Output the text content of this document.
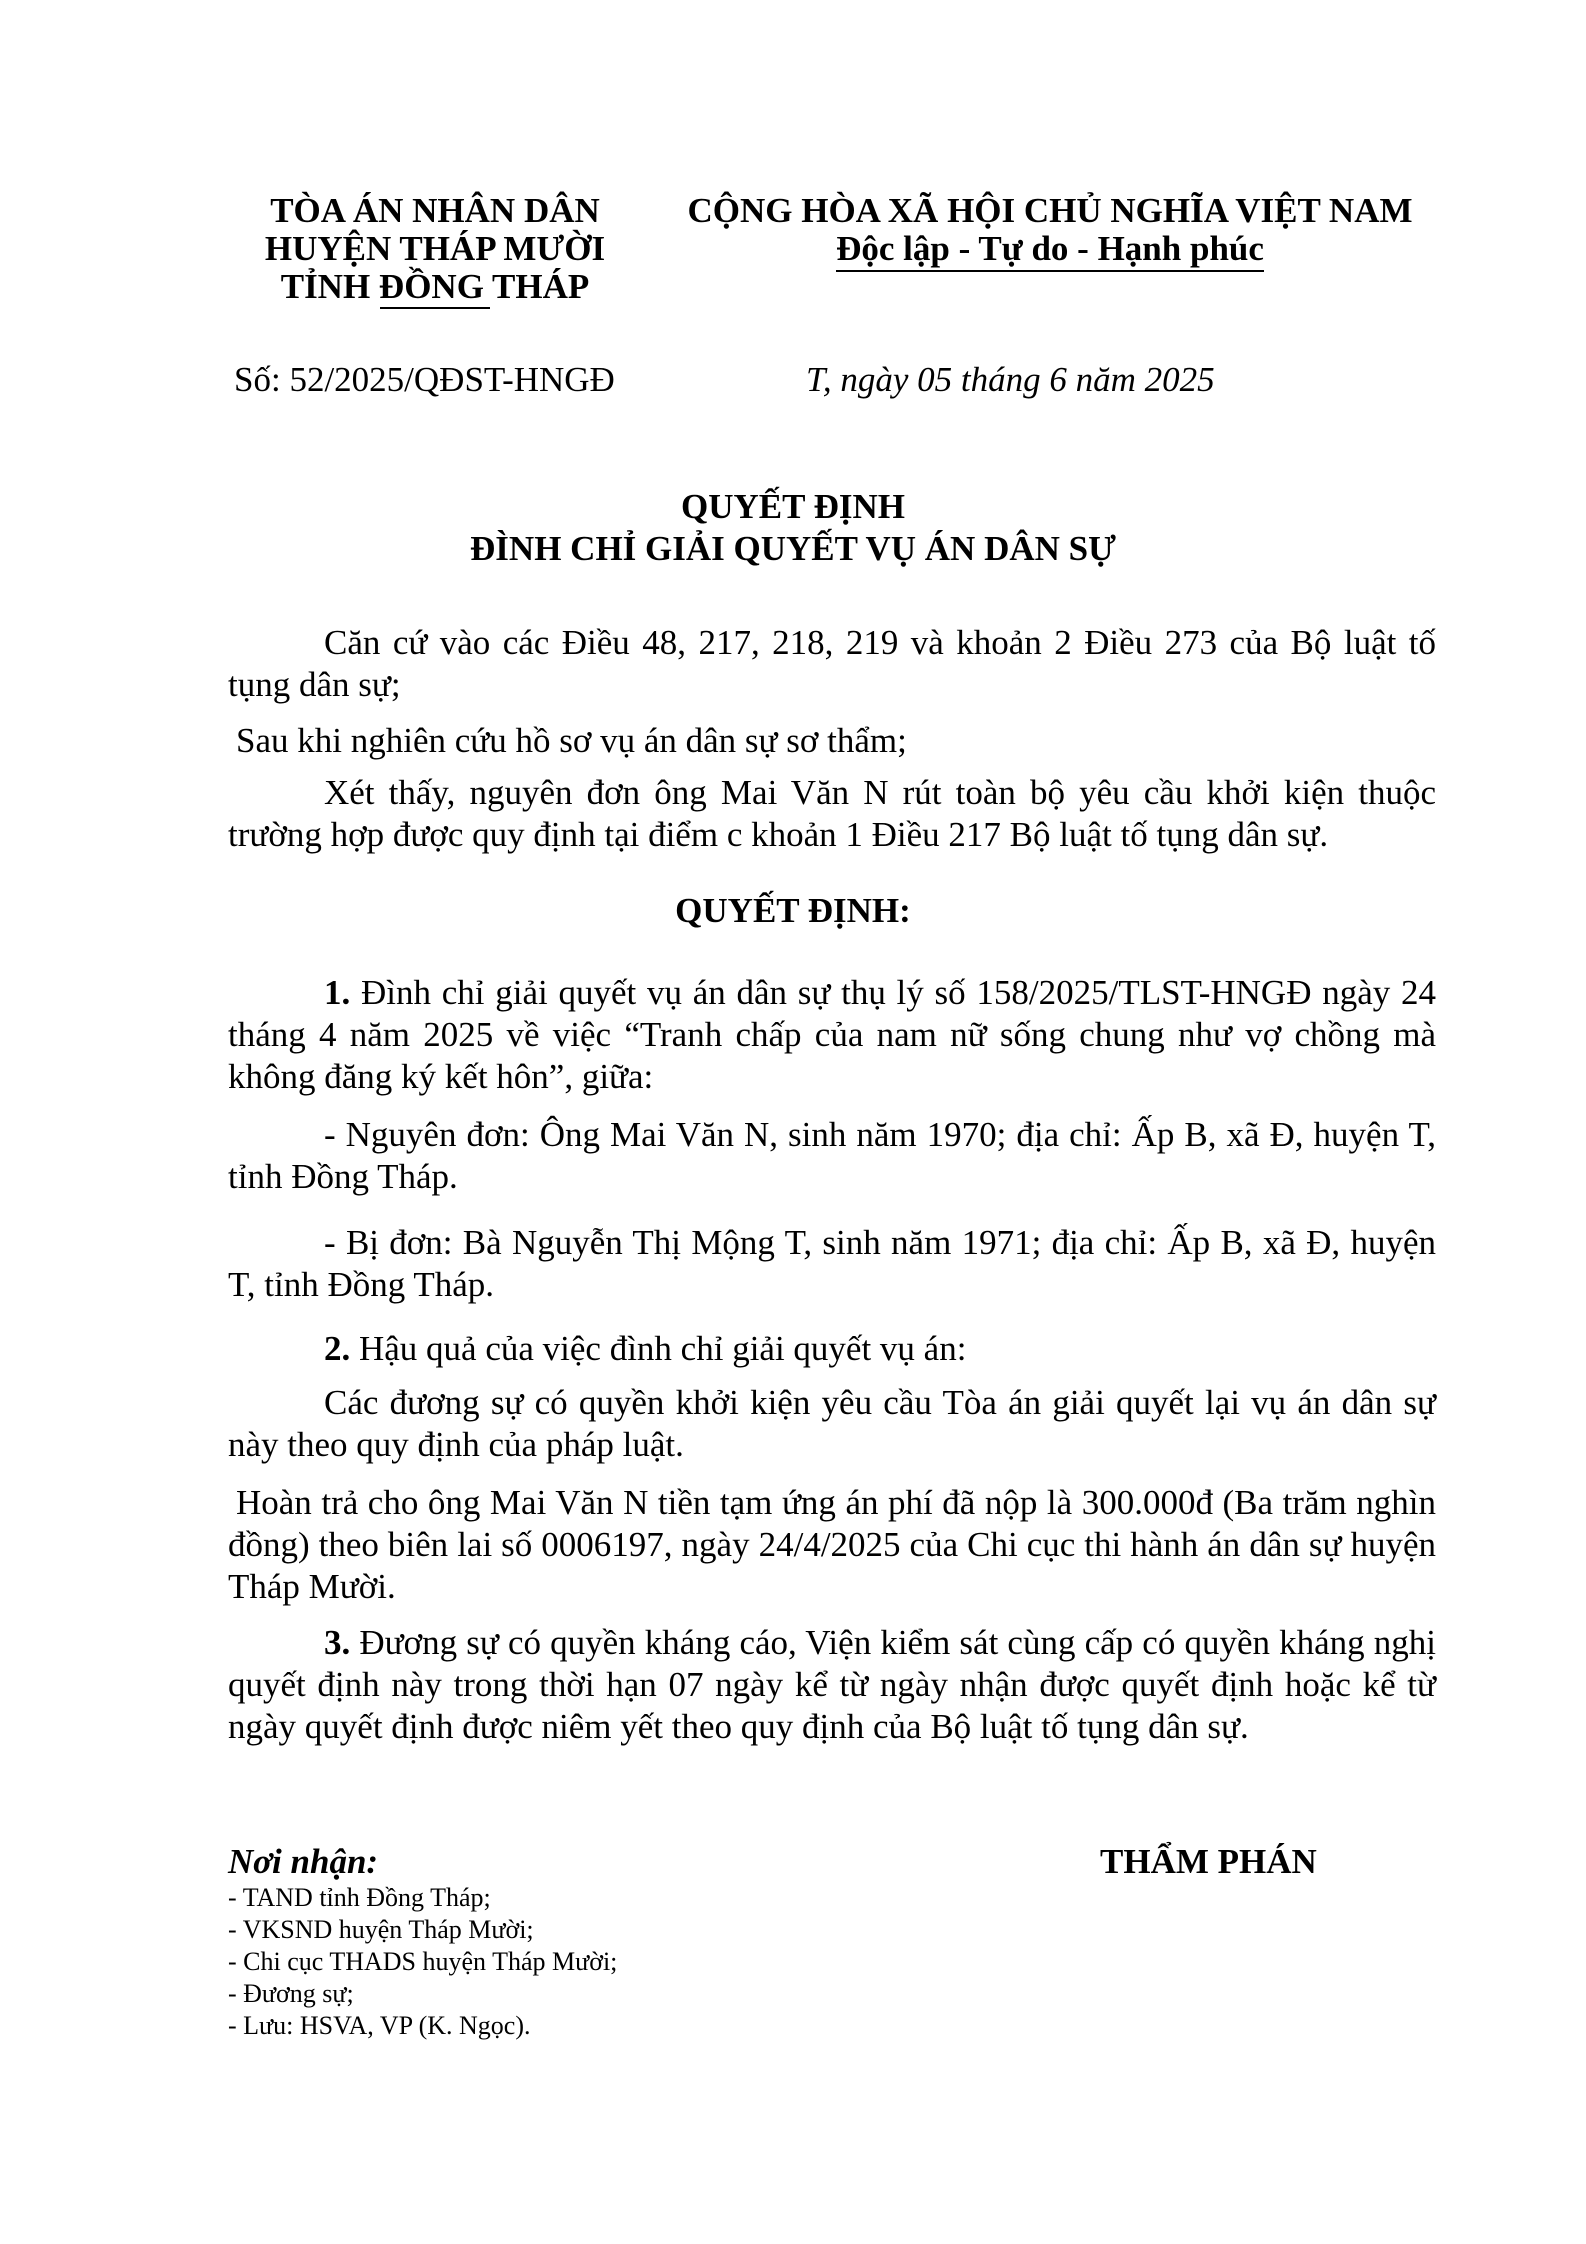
TÒA ÁN NHÂN DÂN
HUYỆN THÁP MƯỜI
TỈNH ĐỒNG THÁP
CỘNG HÒA XÃ HỘI CHỦ NGHĨA VIỆT NAM
Độc lập - Tự do - Hạnh phúc
Số: 52/2025/QĐST-HNGĐ	T, ngày 05 tháng 6 năm 2025
QUYẾT ĐỊNH
ĐÌNH CHỈ GIẢI QUYẾT VỤ ÁN DÂN SỰ
Căn cứ vào các Điều 48, 217, 218, 219 và khoản 2 Điều 273 của Bộ luật tố tụng dân sự;
Sau khi nghiên cứu hồ sơ vụ án dân sự sơ thẩm;
Xét thấy, nguyên đơn ông Mai Văn N rút toàn bộ yêu cầu khởi kiện thuộc trường hợp được quy định tại điểm c khoản 1 Điều 217 Bộ luật tố tụng dân sự.
QUYẾT ĐỊNH:
1. Đình chỉ giải quyết vụ án dân sự thụ lý số 158/2025/TLST-HNGĐ ngày 24 tháng 4 năm 2025 về việc “Tranh chấp của nam nữ sống chung như vợ chồng mà không đăng ký kết hôn”, giữa:
- Nguyên đơn: Ông Mai Văn N, sinh năm 1970; địa chỉ: Ấp B, xã Đ, huyện T, tỉnh Đồng Tháp.
- Bị đơn: Bà Nguyễn Thị Mộng T, sinh năm 1971; địa chỉ: Ấp B, xã Đ, huyện T, tỉnh Đồng Tháp.
2. Hậu quả của việc đình chỉ giải quyết vụ án:
Các đương sự có quyền khởi kiện yêu cầu Tòa án giải quyết lại vụ án dân sự này theo quy định của pháp luật.
Hoàn trả cho ông Mai Văn N tiền tạm ứng án phí đã nộp là 300.000đ (Ba trăm nghìn đồng) theo biên lai số 0006197, ngày 24/4/2025 của Chi cục thi hành án dân sự huyện Tháp Mười.
3. Đương sự có quyền kháng cáo, Viện kiểm sát cùng cấp có quyền kháng nghị quyết định này trong thời hạn 07 ngày kể từ ngày nhận được quyết định hoặc kể từ ngày quyết định được niêm yết theo quy định của Bộ luật tố tụng dân sự.
Nơi nhận:
- TAND tỉnh Đồng Tháp;
- VKSND huyện Tháp Mười;
- Chi cục THADS huyện Tháp Mười;
- Đương sự;
- Lưu: HSVA, VP (K. Ngọc).
THẨM PHÁN
